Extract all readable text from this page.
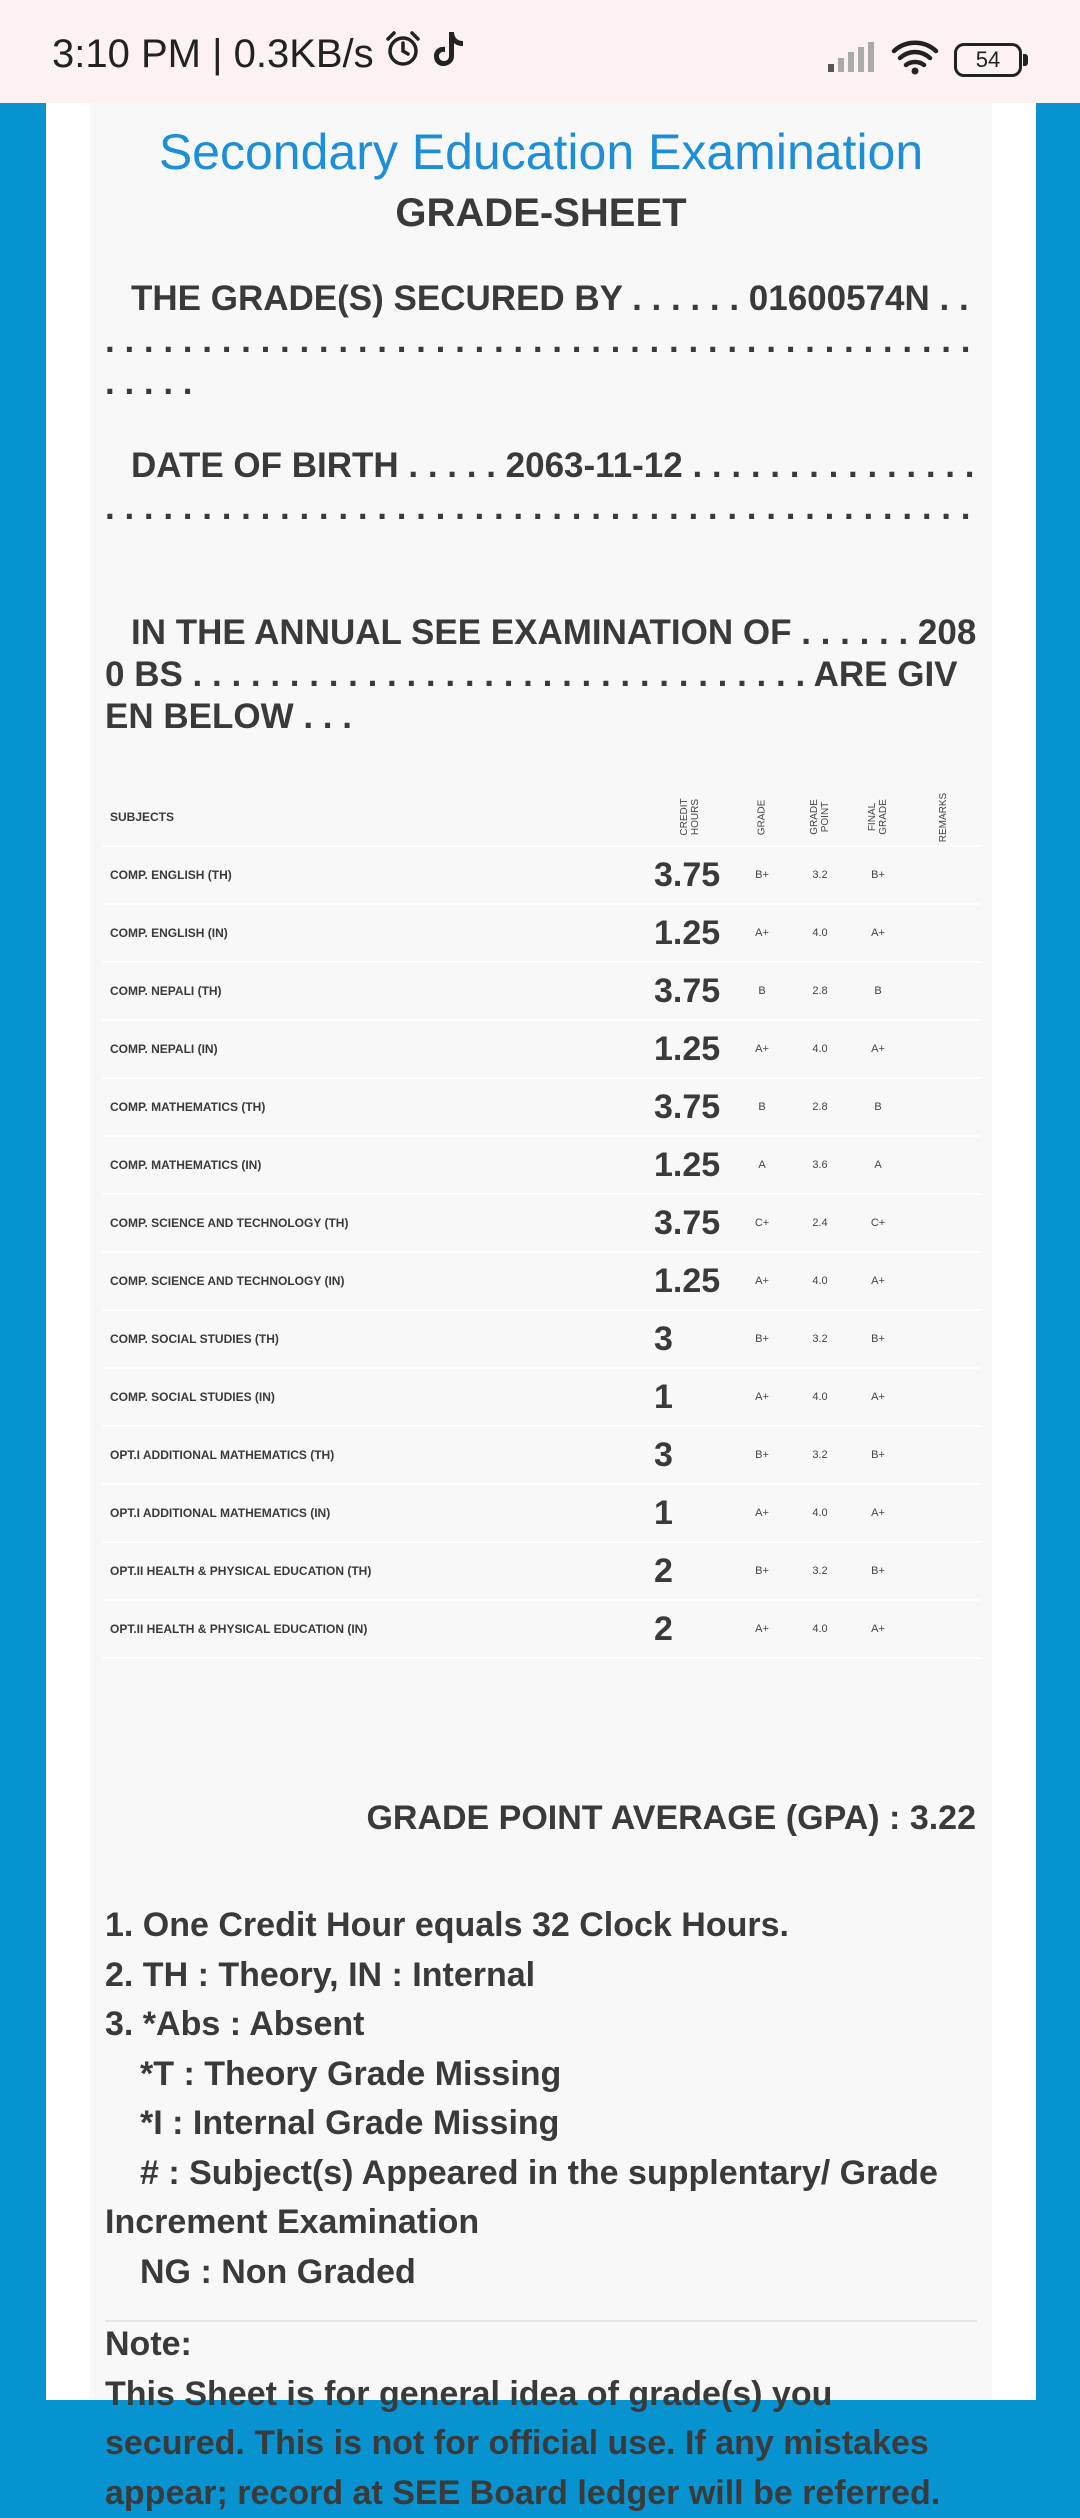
3:10 PM | 0.3KB/s	54
Secondary Education Examination
GRADE-SHEET
THE GRADE(S) SECURED BY . . . . . . 01600574N . . . . . . . . . . . . . . . . . . . . . . . . . . . . . . . . . . . . . . . . . . . . . . . . . . . .
DATE OF BIRTH . . . . . 2063-11-12 . . . . . . . . . . . . . . . . . . . . . . . . . . . . . . . . . . . . . . . . . . . . . . . . . . . . . . . . . . . .
IN THE ANNUAL SEE EXAMINATION OF . . . . . . 2080 BS . . . . . . . . . . . . . . . . . . . . . . . . . . . . . . . . ARE GIVEN BELOW . . .
SUBJECTS	CREDIT HOURS	GRADE	GRADE POINT	FINAL GRADE	REMARKS
COMP. ENGLISH (TH)	3.75	B+	3.2	B+	
COMP. ENGLISH (IN)	1.25	A+	4.0	A+	
COMP. NEPALI (TH)	3.75	B	2.8	B	
COMP. NEPALI (IN)	1.25	A+	4.0	A+	
COMP. MATHEMATICS (TH)	3.75	B	2.8	B	
COMP. MATHEMATICS (IN)	1.25	A	3.6	A	
COMP. SCIENCE AND TECHNOLOGY (TH)	3.75	C+	2.4	C+	
COMP. SCIENCE AND TECHNOLOGY (IN)	1.25	A+	4.0	A+	
COMP. SOCIAL STUDIES (TH)	3	B+	3.2	B+	
COMP. SOCIAL STUDIES (IN)	1	A+	4.0	A+	
OPT.I ADDITIONAL MATHEMATICS (TH)	3	B+	3.2	B+	
OPT.I ADDITIONAL MATHEMATICS (IN)	1	A+	4.0	A+	
OPT.II HEALTH & PHYSICAL EDUCATION (TH)	2	B+	3.2	B+	
OPT.II HEALTH & PHYSICAL EDUCATION (IN)	2	A+	4.0	A+	
GRADE POINT AVERAGE (GPA) : 3.22
1. One Credit Hour equals 32 Clock Hours.
2. TH : Theory, IN : Internal
3. *Abs : Absent
*T : Theory Grade Missing
*I : Internal Grade Missing
# : Subject(s) Appeared in the supplentary/ Grade Increment Examination
NG : Non Graded
Note:
This Sheet is for general idea of grade(s) you secured. This is not for official use. If any mistakes appear; record at SEE Board ledger will be referred.
